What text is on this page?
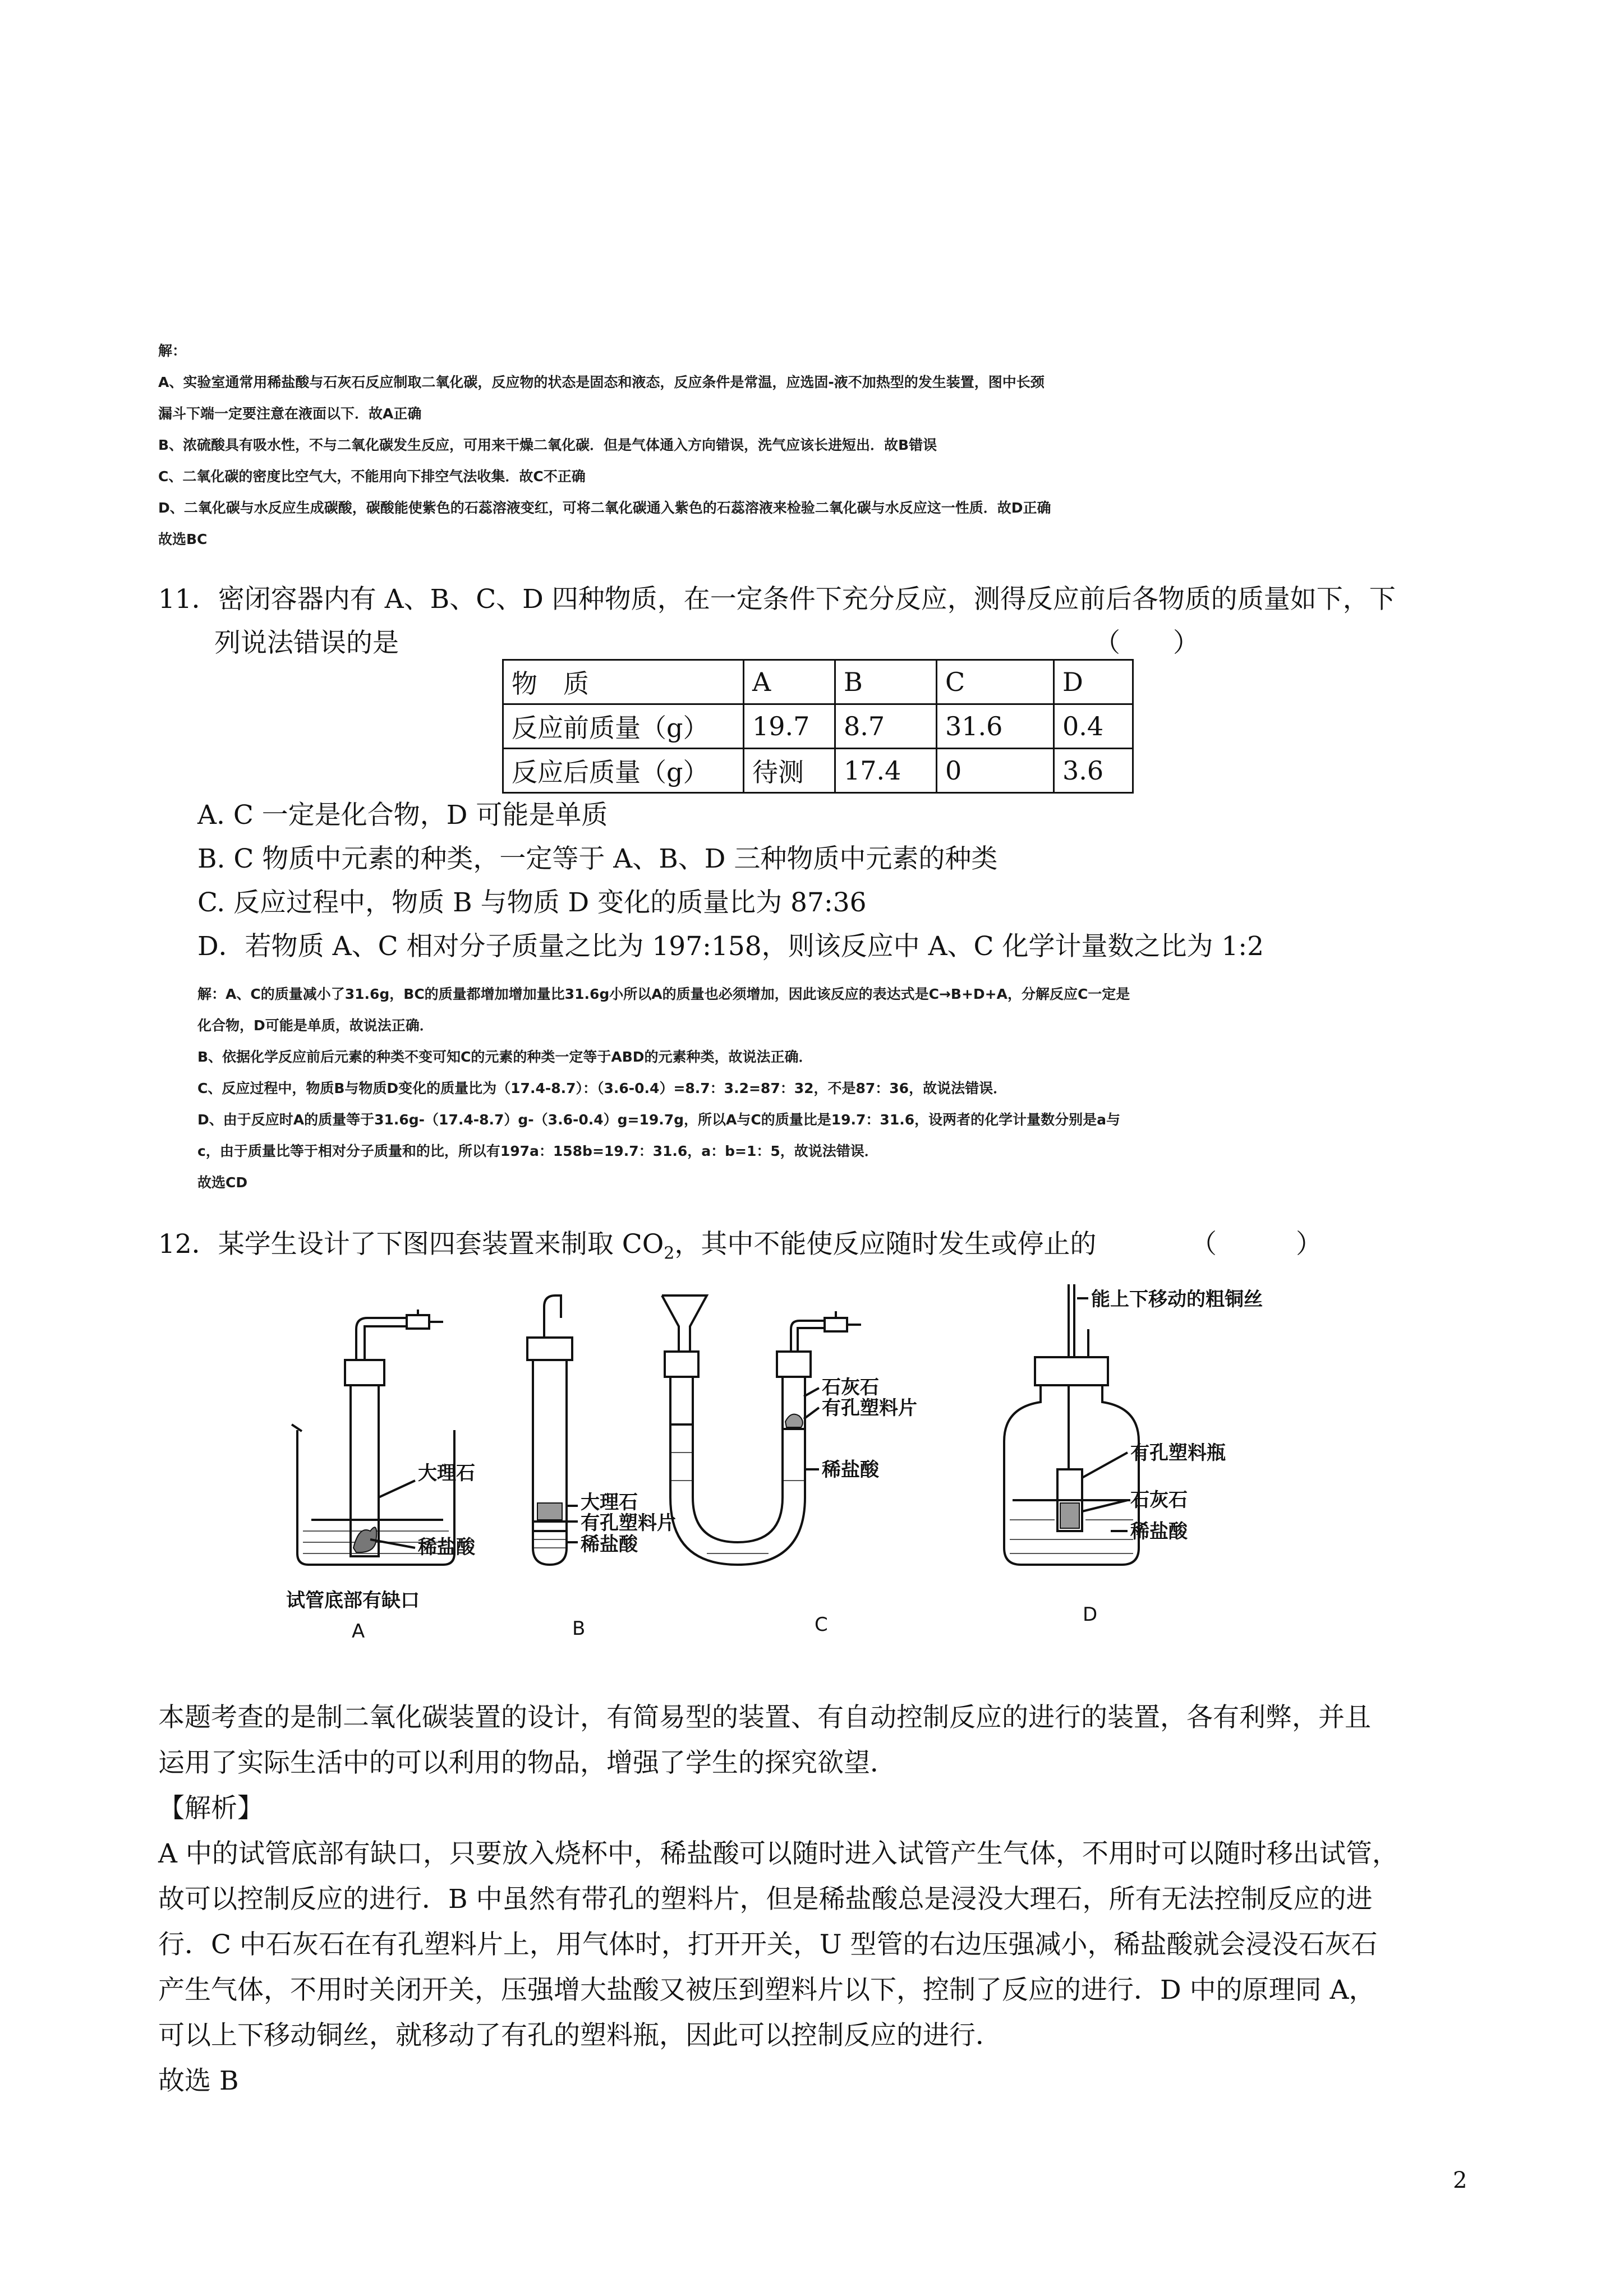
解：
A、实验室通常用稀盐酸与石灰石反应制取二氧化碳，反应物的状态是固态和液态，反应条件是常温，应选固-液不加热型的发生装置，图中长颈
漏斗下端一定要注意在液面以下．故A正确
B、浓硫酸具有吸水性，不与二氧化碳发生反应，可用来干燥二氧化碳．但是气体通入方向错误，洗气应该长进短出．故B错误
C、二氧化碳的密度比空气大，不能用向下排空气法收集．故C不正确
D、二氧化碳与水反应生成碳酸，碳酸能使紫色的石蕊溶液变红，可将二氧化碳通入紫色的石蕊溶液来检验二氧化碳与水反应这一性质．故D正确
故选BC
11．密闭容器内有 A、B、C、D 四种物质，在一定条件下充分反应，测得反应前后各物质的质量如下，下
列说法错误的是	（　　）
物　质	A	B	C	D
反应前质量（g）	19.7	8.7	31.6	0.4
反应后质量（g）	待测	17.4	0	3.6
A. C 一定是化合物，D 可能是单质
B. C 物质中元素的种类，一定等于 A、B、D 三种物质中元素的种类
C. 反应过程中，物质 B 与物质 D 变化的质量比为 87:36
D．若物质 A、C 相对分子质量之比为 197:158，则该反应中 A、C 化学计量数之比为 1:2
解：A、C的质量减小了31.6g，BC的质量都增加增加量比31.6g小所以A的质量也必须增加，因此该反应的表达式是C→B+D+A，分解反应C一定是
化合物，D可能是单质，故说法正确．
B、依据化学反应前后元素的种类不变可知C的元素的种类一定等于ABD的元素种类，故说法正确．
C、反应过程中，物质B与物质D变化的质量比为（17.4-8.7）：（3.6-0.4）=8.7：3.2=87：32，不是87：36，故说法错误．
D、由于反应时A的质量等于31.6g-（17.4-8.7）g-（3.6-0.4）g=19.7g，所以A与C的质量比是19.7：31.6，设两者的化学计量数分别是a与
c，由于质量比等于相对分子质量和的比，所以有197a：158b=19.7：31.6，a：b=1：5，故说法错误．
故选CD
12．某学生设计了下图四套装置来制取 $CO_2$，其中不能使反应随时发生或停止的	（　　　）
大理石
稀盐酸
试管底部有缺口
大理石
有孔塑料片
稀盐酸
石灰石
有孔塑料片
稀盐酸
能上下移动的粗铜丝
有孔塑料瓶
石灰石
稀盐酸
A	B	C	D
本题考查的是制二氧化碳装置的设计，有简易型的装置、有自动控制反应的进行的装置，各有利弊，并且
运用了实际生活中的可以利用的物品，增强了学生的探究欲望．
【解析】
A 中的试管底部有缺口，只要放入烧杯中，稀盐酸可以随时进入试管产生气体，不用时可以随时移出试管，
故可以控制反应的进行．B 中虽然有带孔的塑料片，但是稀盐酸总是浸没大理石，所有无法控制反应的进
行．C 中石灰石在有孔塑料片上，用气体时，打开开关，U 型管的右边压强减小，稀盐酸就会浸没石灰石
产生气体，不用时关闭开关，压强增大盐酸又被压到塑料片以下，控制了反应的进行．D 中的原理同 A，
可以上下移动铜丝，就移动了有孔的塑料瓶，因此可以控制反应的进行．
故选 B
2
